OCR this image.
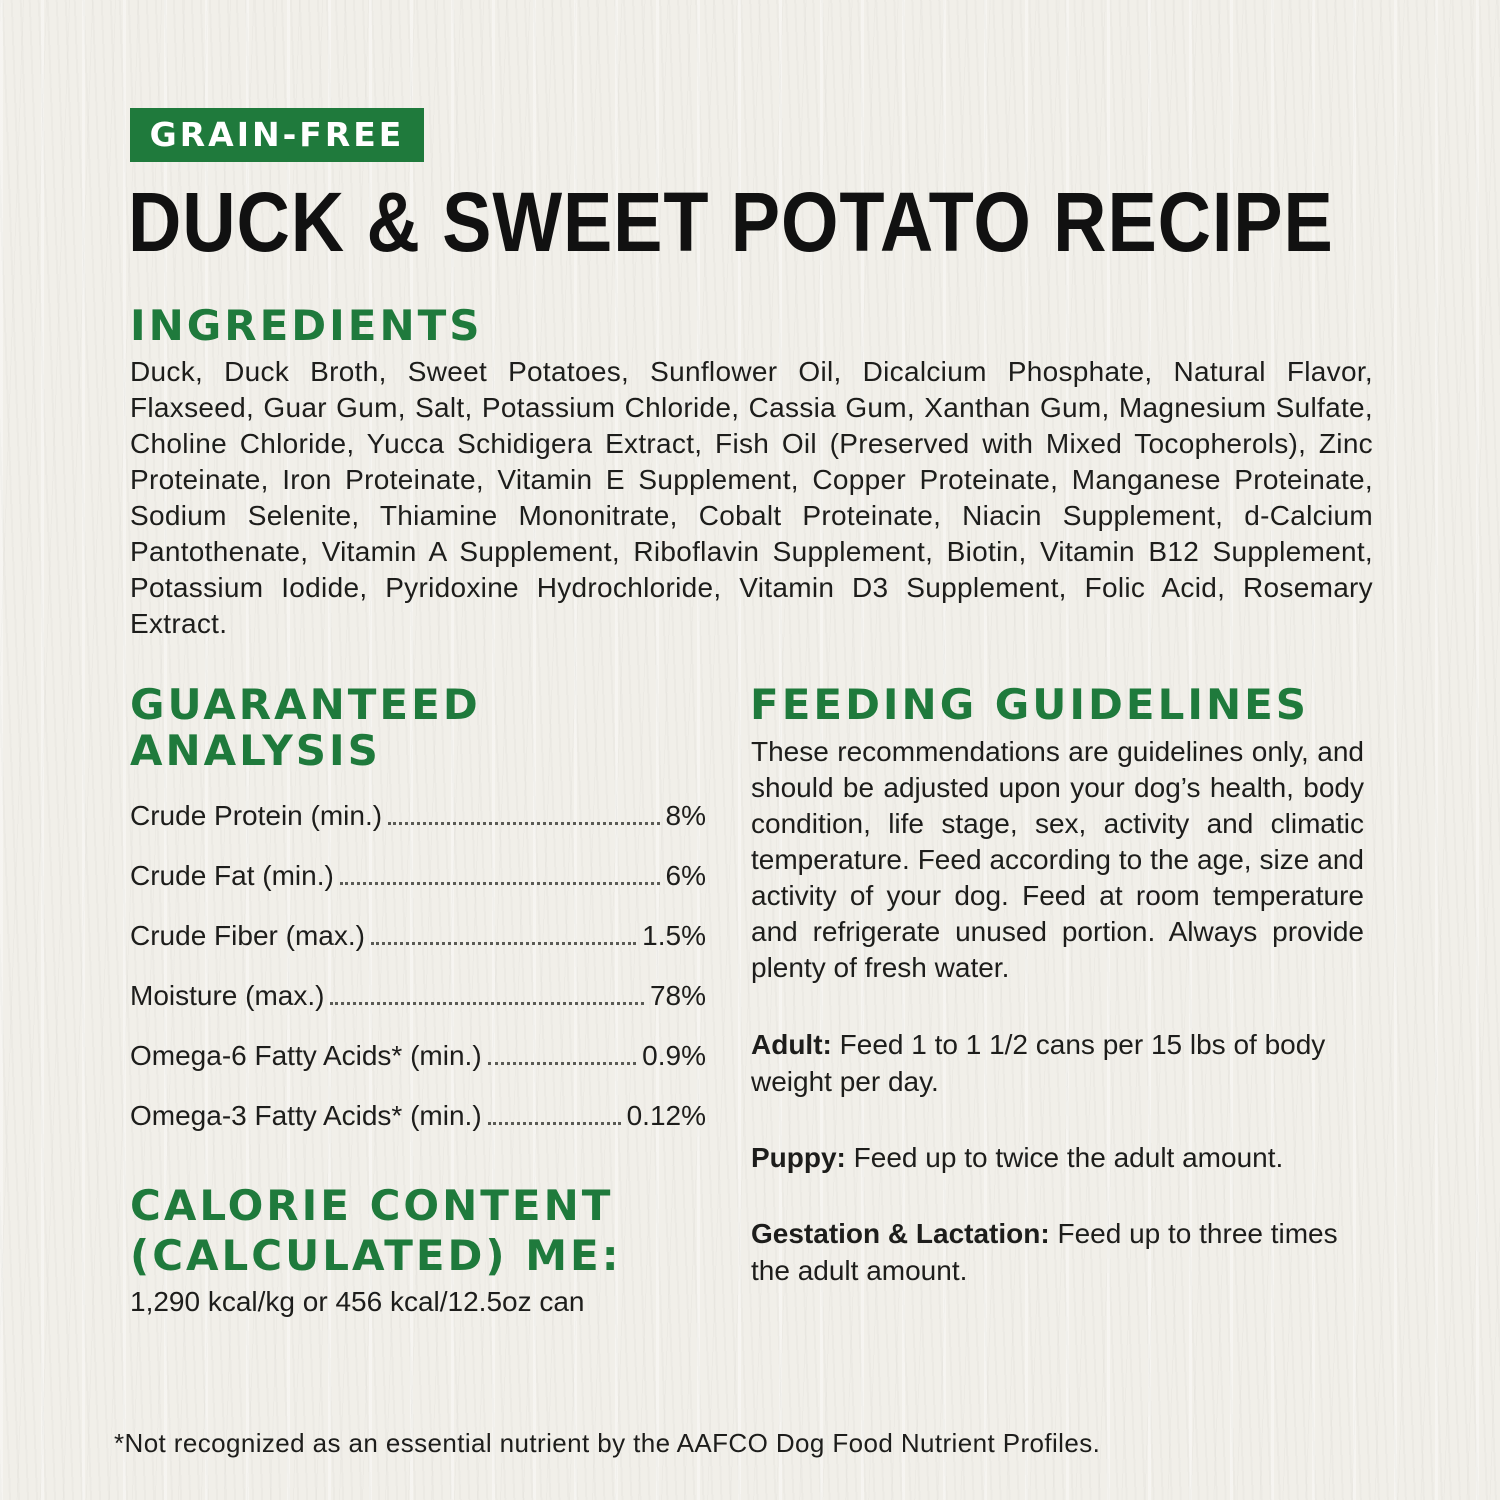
GRAIN-FREE
DUCK & SWEET POTATO RECIPE
INGREDIENTS
Duck, Duck Broth, Sweet Potatoes, Sunflower Oil, Dicalcium Phosphate, Natural Flavor, Flaxseed, Guar Gum, Salt, Potassium Chloride, Cassia Gum, Xanthan Gum, Magnesium Sulfate, Choline Chloride, Yucca Schidigera Extract, Fish Oil (Preserved with Mixed Tocopherols), Zinc Proteinate, Iron Proteinate, Vitamin E Supplement, Copper Proteinate, Manganese Proteinate, Sodium Selenite, Thiamine Mononitrate, Cobalt Proteinate, Niacin Supplement, d-Calcium Pantothenate, Vitamin A Supplement, Riboflavin Supplement, Biotin, Vitamin B12 Supplement, Potassium Iodide, Pyridoxine Hydrochloride, Vitamin D3 Supplement, Folic Acid, Rosemary Extract.
GUARANTEED
ANALYSIS
Crude Protein (min.)	8%
Crude Fat (min.)	6%
Crude Fiber (max.)	1.5%
Moisture (max.)	78%
Omega-6 Fatty Acids* (min.)	0.9%
Omega-3 Fatty Acids* (min.)	0.12%
CALORIE CONTENT
(CALCULATED) ME:
1,290 kcal/kg or 456 kcal/12.5oz can
FEEDING GUIDELINES
These recommendations are guidelines only, and should be adjusted upon your dog’s health, body condition, life stage, sex, activity and climatic temperature. Feed according to the age, size and activity of your dog. Feed at room temperature and refrigerate unused portion. Always provide plenty of fresh water.
Adult: Feed 1 to 1 1/2 cans per 15 lbs of body weight per day.
Puppy: Feed up to twice the adult amount.
Gestation & Lactation: Feed up to three times the adult amount.
*Not recognized as an essential nutrient by the AAFCO Dog Food Nutrient Profiles.
